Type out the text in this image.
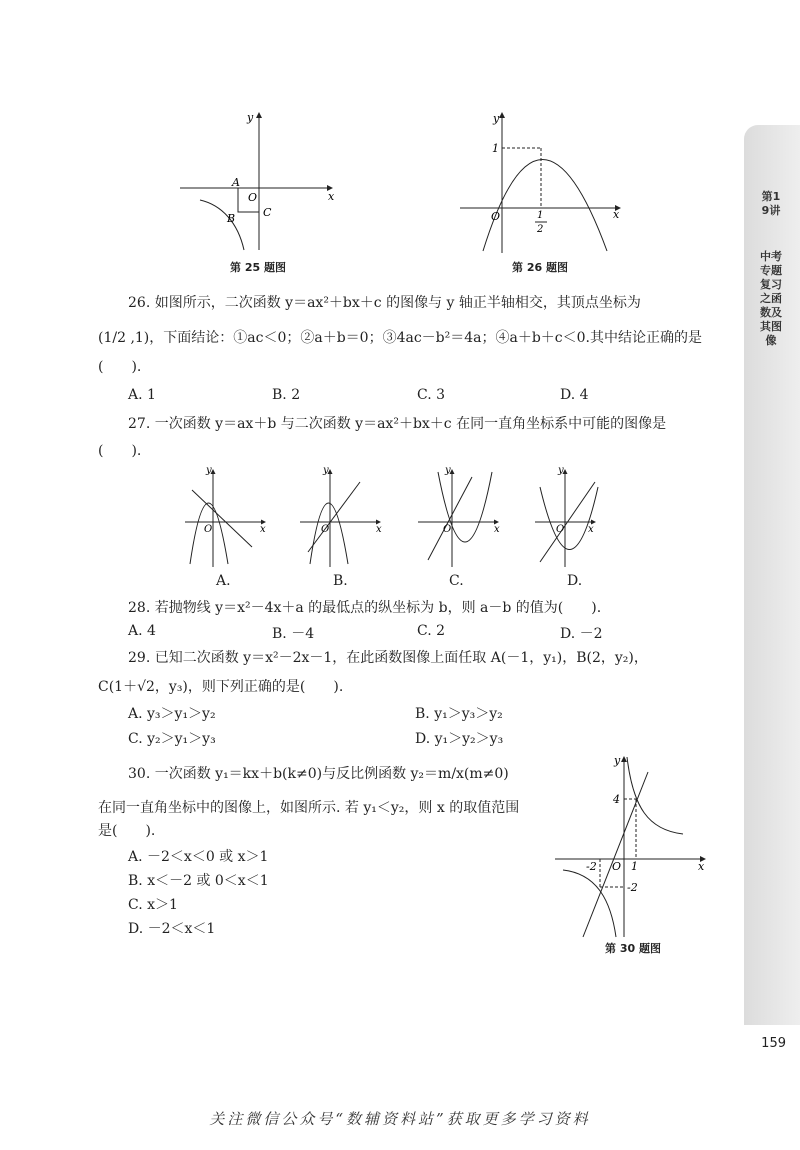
第19讲
中考专题复习之函数及其图像
159
y
x
O
A
B	C
第 25 题图
y
x
O
1
1
2
第 26 题图
26. 如图所示，二次函数 y＝ax²＋bx＋c 的图像与 y 轴正半轴相交，其顶点坐标为
(1/2 ,1)，下面结论：①ac＜0；②a＋b＝0；③4ac－b²＝4a；④a＋b＋c＜0.其中结论正确的是
(　　).
A. 1	B. 2	C. 3	D. 4
27. 一次函数 y＝ax＋b 与二次函数 y＝ax²＋bx＋c 在同一直角坐标系中可能的图像是
(　　).
y
x
O
y
x
O
y
x
O
y
x
O
A.	B.	C.	D.
28. 若抛物线 y＝x²－4x＋a 的最低点的纵坐标为 b，则 a－b 的值为(　　).
A. 4	B. －4	C. 2	D. －2
29. 已知二次函数 y＝x²－2x－1，在此函数图像上面任取 A(－1，y₁)，B(2，y₂)，
C(1＋√2，y₃)，则下列正确的是(　　).
A. y₃＞y₁＞y₂	B. y₁＞y₃＞y₂
C. y₂＞y₁＞y₃	D. y₁＞y₂＞y₃
30. 一次函数 y₁＝kx＋b(k≠0)与反比例函数 y₂＝m/x(m≠0)
在同一直角坐标中的图像上，如图所示. 若 y₁＜y₂，则 x 的取值范围
是(　　).
A. －2＜x＜0 或 x＞1
B. x＜－2 或 0＜x＜1
C. x＞1
D. －2＜x＜1
y
x
O
4
-2	1
-2
第 30 题图
关注微信公众号“数辅资料站”获取更多学习资料
